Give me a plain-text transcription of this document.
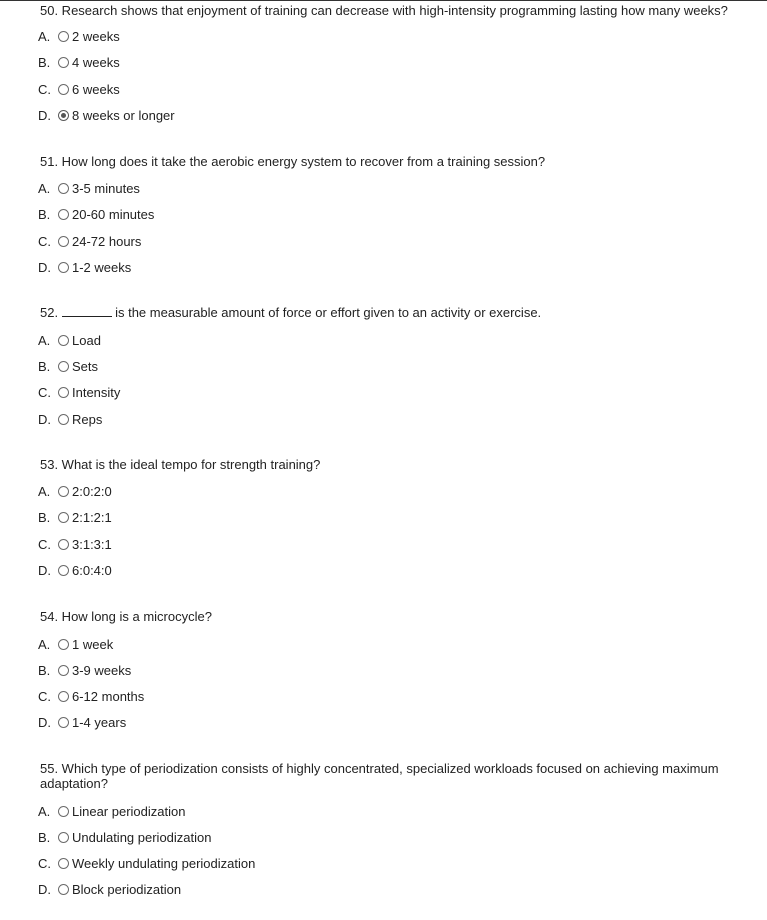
50. Research shows that enjoyment of training can decrease with high-intensity programming lasting how many weeks?

A.	2 weeks
B.	4 weeks
C.	6 weeks
D.	8 weeks or longer

51. How long does it take the aerobic energy system to recover from a training session?

A.	3-5 minutes
B.	20-60 minutes
C.	24-72 hours
D.	1-2 weeks

52.	is the measurable amount of force or effort given to an activity or exercise.

A.	Load
B.	Sets
C.	Intensity
D.	Reps

53. What is the ideal tempo for strength training?

A.	2:0:2:0
B.	2:1:2:1
C.	3:1:3:1
D.	6:0:4:0

54. How long is a microcycle?

A.	1 week
B.	3-9 weeks
C.	6-12 months
D.	1-4 years

55. Which type of periodization consists of highly concentrated, specialized workloads focused on achieving maximum adaptation?

A.	Linear periodization
B.	Undulating periodization
C.	Weekly undulating periodization
D.	Block periodization
